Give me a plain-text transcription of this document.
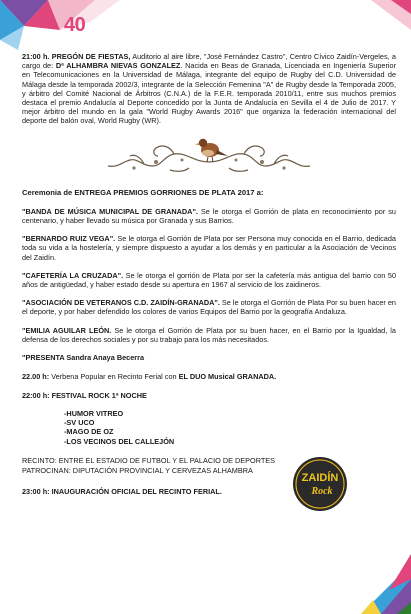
40

21:00 h. PREGÓN DE FIESTAS, Auditorio al aire libre, "José Fernández Castro", Centro Cívico Zaidín-Vergeles, a cargo de: Dª ALHAMBRA NIEVAS GONZALEZ. Nacida en Beas de Granada, Licenciada en Ingeniería Superior en Telecomunicaciones en la Universidad de Málaga, integrante del equipo de Rugby del C.D. Universidad de Málaga desde la temporada 2002/3, integrante de la Selección Femenina "A" de Rugby desde la Temporada 2005, y árbitro del Comité Nacional de Árbitros (C.N.A.) de la F.E.R. temporada 2010/11, entre sus muchos premios destaca el premio Andalucía al Deporte concedido por la Junta de Andalucía en Sevilla el 4 de Julio de 2017. Y mejor árbitro del mundo en la gala "World Rugby Awards 2016" que organiza la federación internacional del deporte del balón oval, World Rugby (WR).

Ceremonia de ENTREGA PREMIOS GORRIONES DE PLATA 2017 a:

"BANDA DE MÚSICA MUNICIPAL DE GRANADA". Se le otorga el Gorrión de plata en reconocimiento por su centenario, y haber llevado su música por Granada y sus Barrios.

"BERNARDO RUIZ VEGA". Se le otorga el Gorrión de Plata por ser Persona muy conocida en el Barrio, dedicada toda su vida a la hostelería, y siempre dispuesto a ayudar a los demás y en particular a la Asociación de Vecinos del Zaidín.

"CAFETERÍA LA CRUZADA". Se le otorga el gorrión de Plata por ser la cafetería más antigua del barrio con 50 años de antigüedad, y haber estado desde su apertura en 1967 al servicio de los zaidineros.

"ASOCIACIÓN DE VETERANOS C.D. ZAIDÍN-GRANADA". Se le otorga el Gorrión de Plata Por su buen hacer en el deporte, y por haber defendido los colores de varios Equipos del Barrio por la geografía Andaluza.

"EMILIA AGUILAR LEÓN. Se le otorga el Gorrión de Plata por su buen hacer, en el Barrio por la Igualdad, la defensa de los derechos sociales y por su trabajo para los más necesitados.

"PRESENTA Sandra Anaya Becerra

22.00 h: Verbena Popular en Recinto Ferial con EL DUO Musical GRANADA.

22:00 h: FESTIVAL ROCK 1ª NOCHE

-HUMOR VITREO
-SV UCO
-MAGO DE OZ
-LOS VECINOS DEL CALLEJÓN
RECINTO: ENTRE EL ESTADIO DE FUTBOL Y EL PALACIO DE DEPORTES
PATROCINAN: DIPUTACIÓN PROVINCIAL Y CERVEZAS ALHAMBRA

23:00 h: INAUGURACIÓN OFICIAL DEL RECINTO FERIAL.

ZAIDÍN
Rock
